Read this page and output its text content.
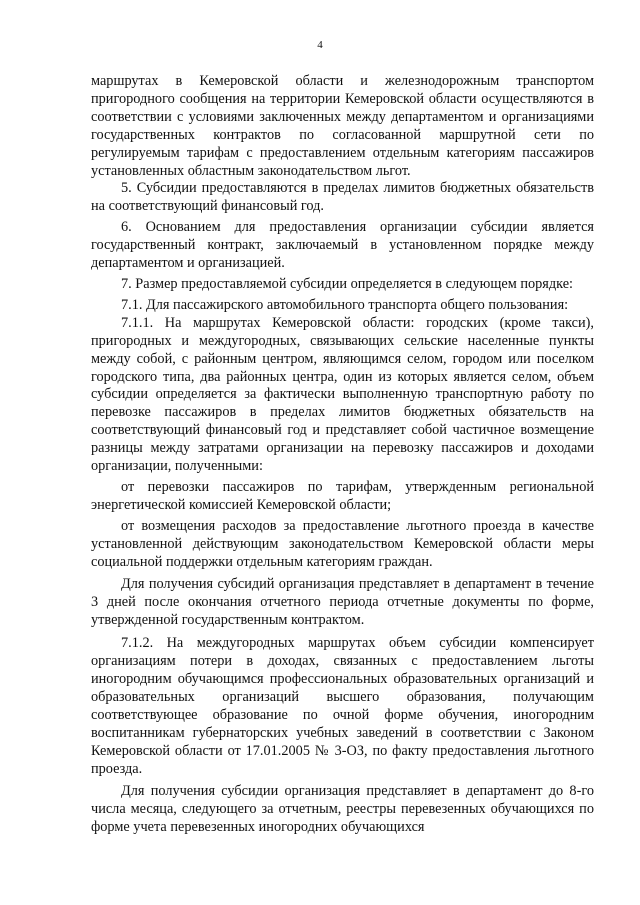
4

маршрутах в Кемеровской области и железнодорожным транспортом пригородного сообщения на территории Кемеровской области осуществляются в соответствии с условиями заключенных между департаментом и организациями государственных контрактов по согласованной маршрутной сети по регулируемым тарифам с предоставлением отдельным категориям пассажиров установленных областным законодательством льгот.

5. Субсидии предоставляются в пределах лимитов бюджетных обязательств на соответствующий финансовый год.

6. Основанием для предоставления организации субсидии является государственный контракт, заключаемый в установленном порядке между департаментом и организацией.

7. Размер предоставляемой субсидии определяется в следующем порядке:

7.1. Для пассажирского автомобильного транспорта общего пользования:

7.1.1. На маршрутах Кемеровской области: городских (кроме такси), пригородных и междугородных, связывающих сельские населенные пункты между собой, с районным центром, являющимся селом, городом или поселком городского типа, два районных центра, один из которых является селом, объем субсидии определяется за фактически выполненную транспортную работу по перевозке пассажиров в пределах лимитов бюджетных обязательств на соответствующий финансовый год и представляет собой частичное возмещение разницы между затратами организации на перевозку пассажиров и доходами организации, полученными:

от перевозки пассажиров по тарифам, утвержденным региональной энергетической комиссией Кемеровской области;

от возмещения расходов за предоставление льготного проезда в качестве установленной действующим законодательством Кемеровской области меры социальной поддержки отдельным категориям граждан.

Для получения субсидий организация представляет в департамент в течение 3 дней после окончания отчетного периода отчетные документы по форме, утвержденной государственным контрактом.

7.1.2. На междугородных маршрутах объем субсидии компенсирует организациям потери в доходах, связанных с предоставлением льготы иногородним обучающимся профессиональных образовательных организаций и образовательных организаций высшего образования, получающим соответствующее образование по очной форме обучения, иногородним воспитанникам губернаторских учебных заведений в соответствии с Законом Кемеровской области от 17.01.2005 № 3-ОЗ, по факту предоставления льготного проезда.

Для получения субсидии организация представляет в департамент до 8-го числа месяца, следующего за отчетным, реестры перевезенных обучающихся по форме учета перевезенных иногородних обучающихся
